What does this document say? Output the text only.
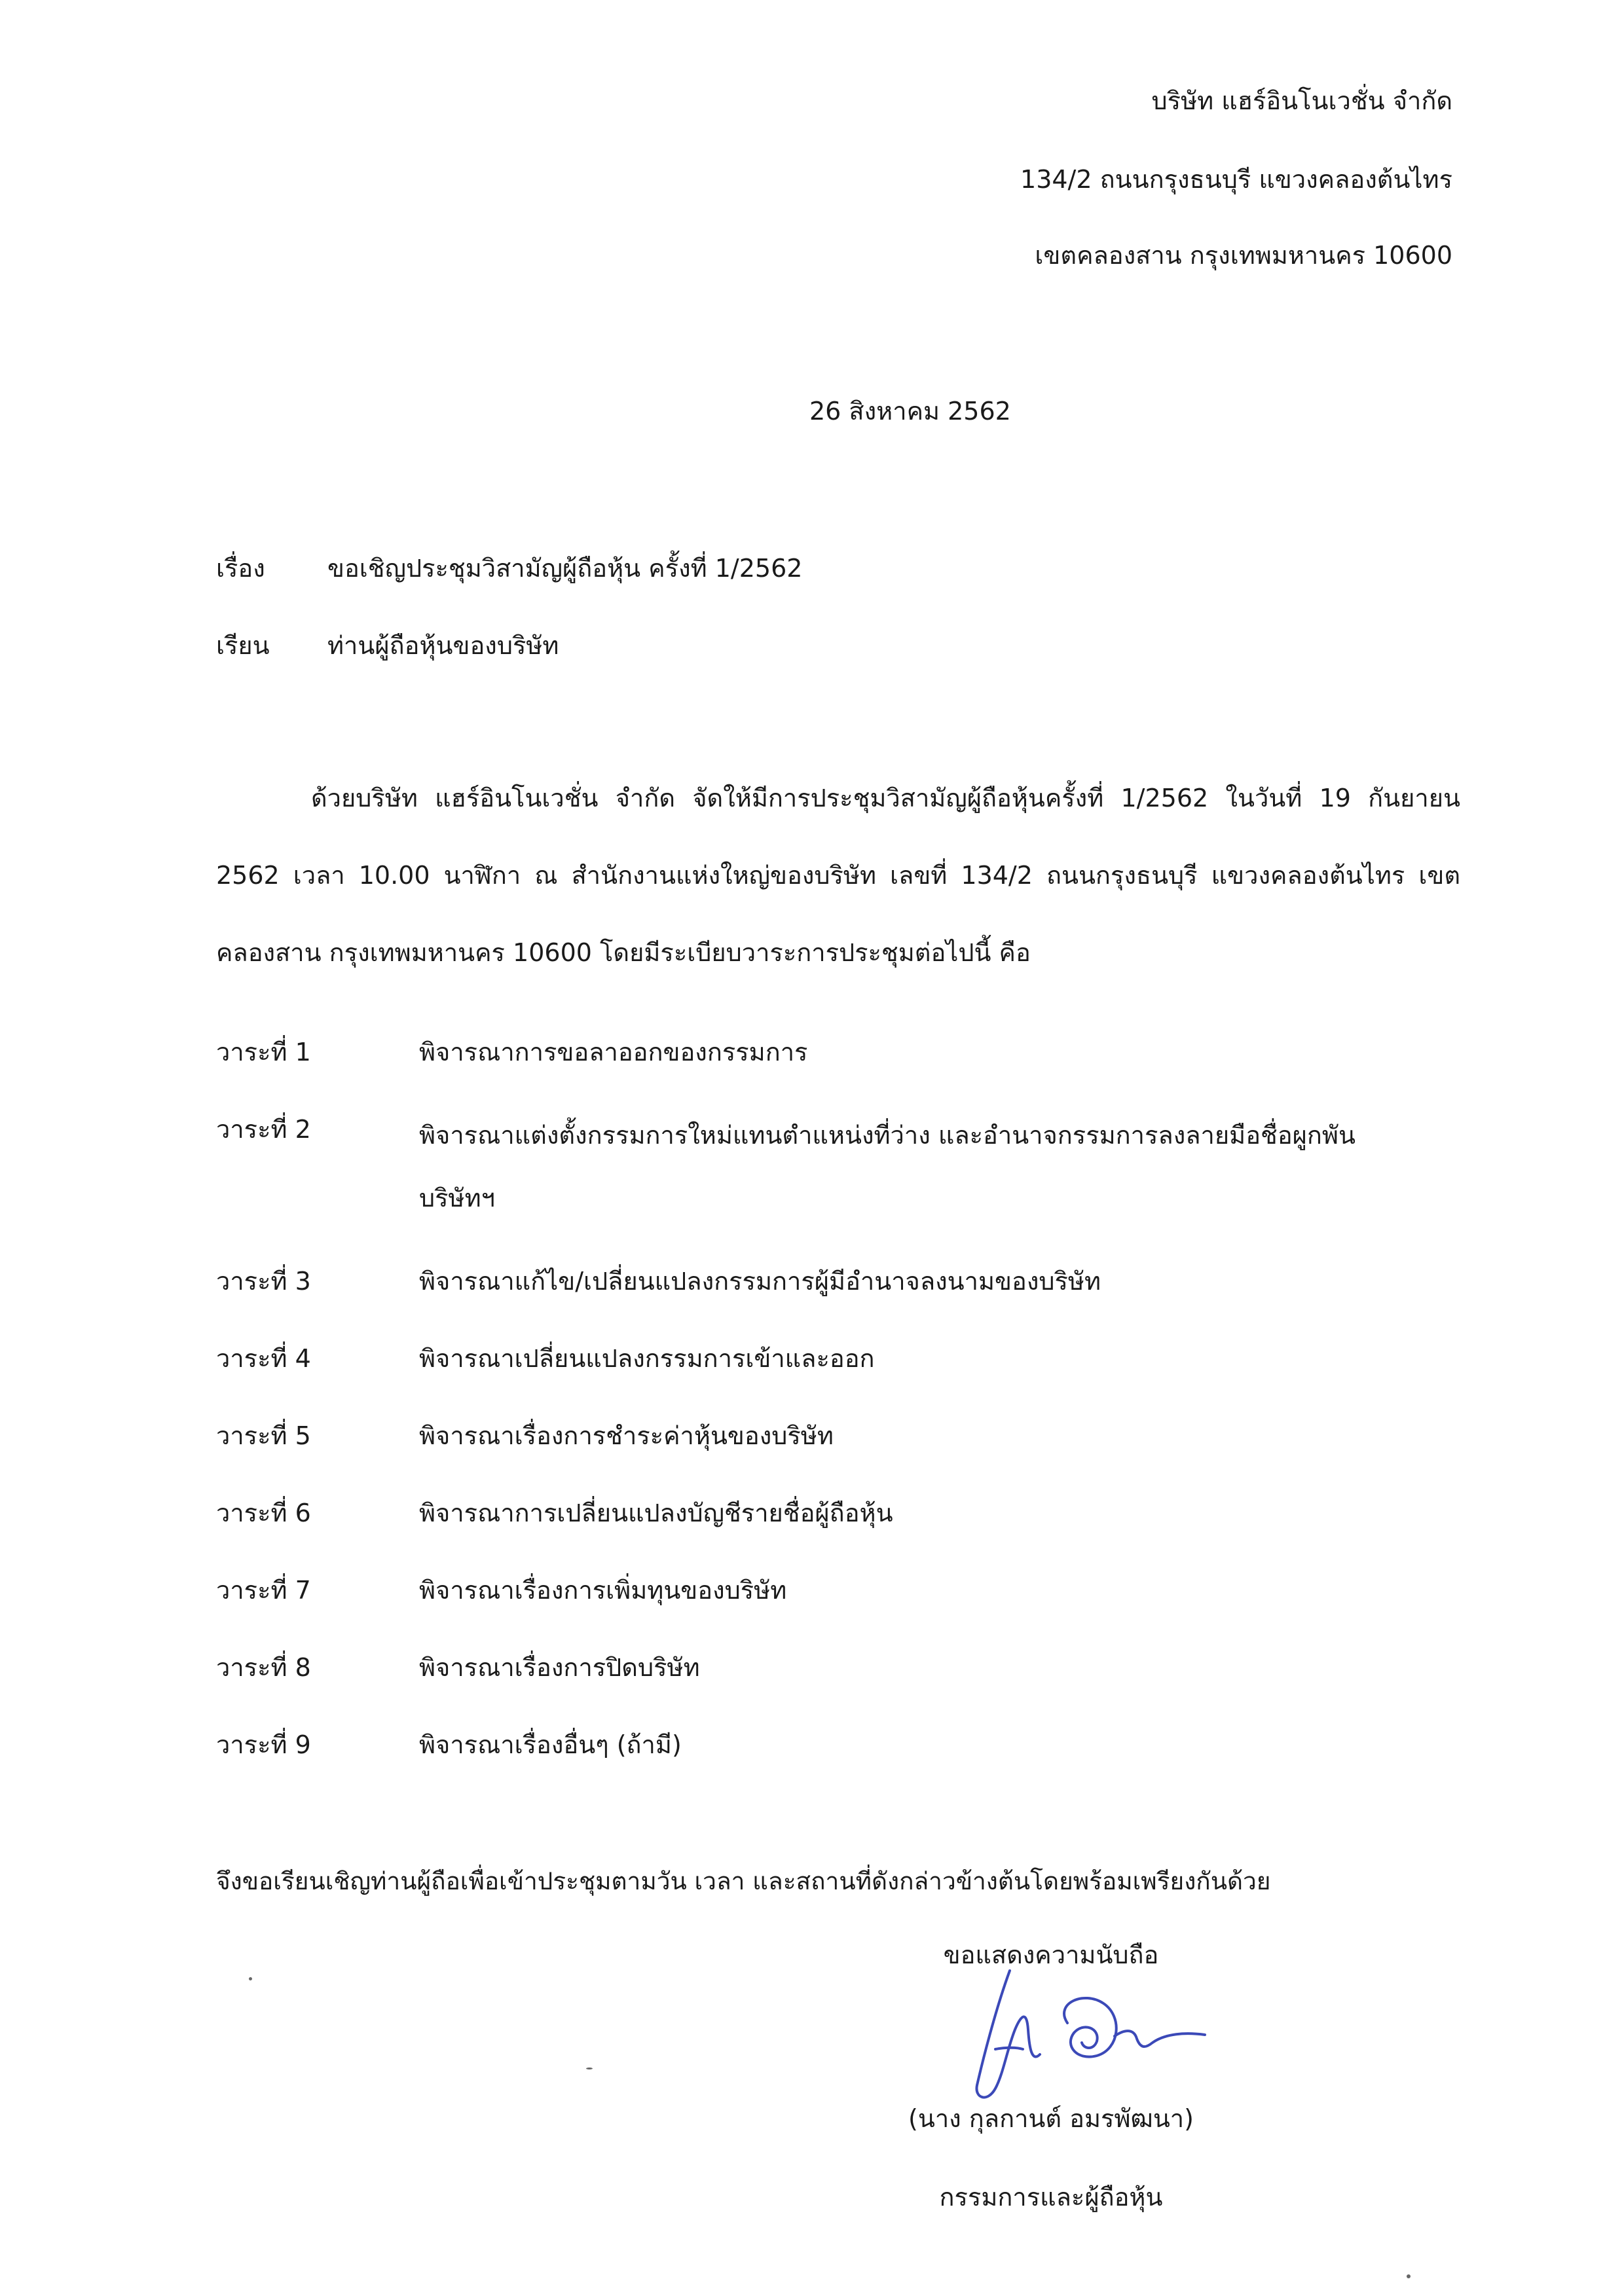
บริษัท แฮร์อินโนเวชั่น จำกัด
134/2 ถนนกรุงธนบุรี แขวงคลองต้นไทร
เขตคลองสาน กรุงเทพมหานคร 10600
26 สิงหาคม 2562
เรื่อง	ขอเชิญประชุมวิสามัญผู้ถือหุ้น ครั้งที่ 1/2562
เรียน ท่านผู้ถือหุ้นของบริษัท
ด้วยบริษัท แฮร์อินโนเวชั่น จำกัด จัดให้มีการประชุมวิสามัญผู้ถือหุ้นครั้งที่ 1/2562 ในวันที่ 19 กันยายน 2562 เวลา 10.00 นาฬิกา ณ สำนักงานแห่งใหญ่ของบริษัท เลขที่ 134/2 ถนนกรุงธนบุรี แขวงคลองต้นไทร เขตคลองสาน กรุงเทพมหานคร 10600 โดยมีระเบียบวาระการประชุมต่อไปนี้ คือ
วาระที่ 1	พิจารณาการขอลาออกของกรรมการ
วาระที่ 2	พิจารณาแต่งตั้งกรรมการใหม่แทนตำแหน่งที่ว่าง และอำนาจกรรมการลงลายมือชื่อผูกพันบริษัทฯ
วาระที่ 3	พิจารณาแก้ไข/เปลี่ยนแปลงกรรมการผู้มีอำนาจลงนามของบริษัท
วาระที่ 4	พิจารณาเปลี่ยนแปลงกรรมการเข้าและออก
วาระที่ 5	พิจารณาเรื่องการชำระค่าหุ้นของบริษัท
วาระที่ 6	พิจารณาการเปลี่ยนแปลงบัญชีรายชื่อผู้ถือหุ้น
วาระที่ 7	พิจารณาเรื่องการเพิ่มทุนของบริษัท
วาระที่ 8	พิจารณาเรื่องการปิดบริษัท
วาระที่ 9	พิจารณาเรื่องอื่นๆ (ถ้ามี)
จึงขอเรียนเชิญท่านผู้ถือเพื่อเข้าประชุมตามวัน เวลา และสถานที่ดังกล่าวข้างต้นโดยพร้อมเพรียงกันด้วย
ขอแสดงความนับถือ
(นาง กุลกานต์ อมรพัฒนา)
กรรมการและผู้ถือหุ้น
